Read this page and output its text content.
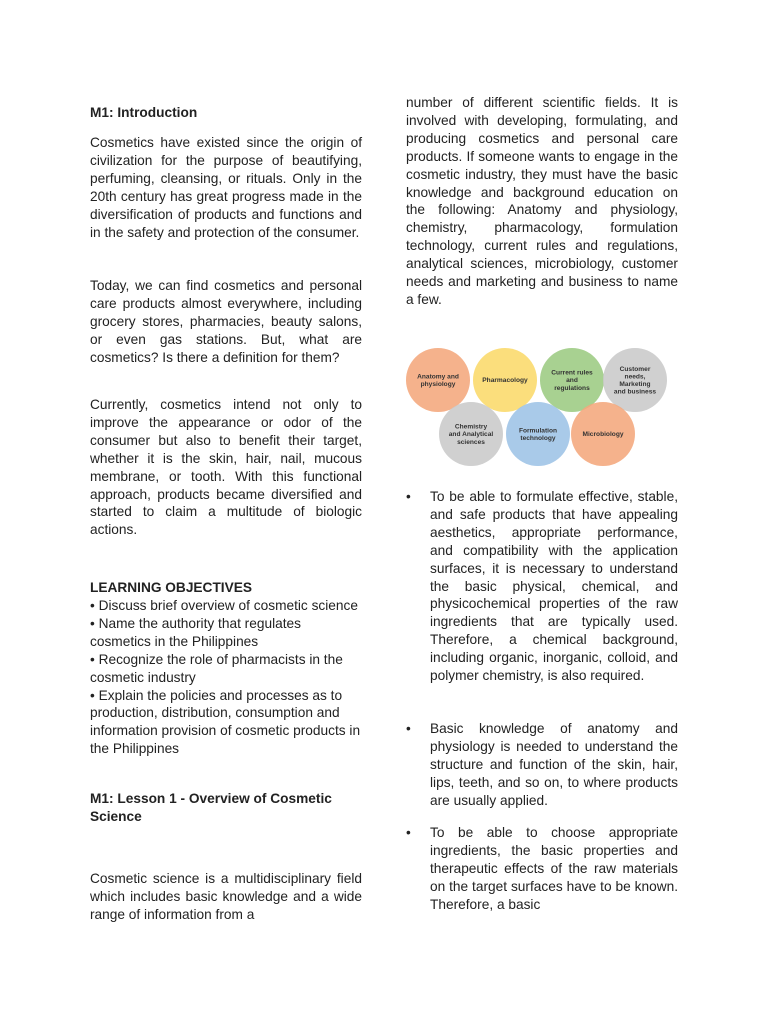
M1: Introduction

Cosmetics have existed since the origin of civilization for the purpose of beautifying, perfuming, cleansing, or rituals. Only in the 20th century has great progress made in the diversification of products and functions and in the safety and protection of the consumer.

Today, we can find cosmetics and personal care products almost everywhere, including grocery stores, pharmacies, beauty salons, or even gas stations. But, what are cosmetics? Is there a definition for them?

Currently, cosmetics intend not only to improve the appearance or odor of the consumer but also to benefit their target, whether it is the skin, hair, nail, mucous membrane, or tooth. With this functional approach, products became diversified and started to claim a multitude of biologic actions.

LEARNING OBJECTIVES

• Discuss brief overview of cosmetic science

• Name the authority that regulates cosmetics in the Philippines

• Recognize the role of pharmacists in the cosmetic industry

• Explain the policies and processes as to production, distribution, consumption and information provision of cosmetic products in the Philippines

M1: Lesson 1 - Overview of Cosmetic Science

Cosmetic science is a multidisciplinary field which includes basic knowledge and a wide range of information from a

number of different scientific fields. It is involved with developing, formulating, and producing cosmetics and personal care products. If someone wants to engage in the cosmetic industry, they must have the basic knowledge and background education on the following: Anatomy and physiology, chemistry, pharmacology, formulation technology, current rules and regulations, analytical sciences, microbiology, customer needs and marketing and business to name a few.

Anatomy and
physiology
Pharmacology
Current rules
and
regulations
Customer
needs,
Marketing
and business
Chemistry
and Analytical
sciences
Formulation
technology
Microbiology
• To be able to formulate effective, stable, and safe products that have appealing aesthetics, appropriate performance, and compatibility with the application surfaces, it is necessary to understand the basic physical, chemical, and physicochemical properties of the raw ingredients that are typically used. Therefore, a chemical background, including organic, inorganic, colloid, and polymer chemistry, is also required.

• Basic knowledge of anatomy and physiology is needed to understand the structure and function of the skin, hair, lips, teeth, and so on, to where products are usually applied.

• To be able to choose appropriate ingredients, the basic properties and therapeutic effects of the raw materials on the target surfaces have to be known. Therefore, a basic
